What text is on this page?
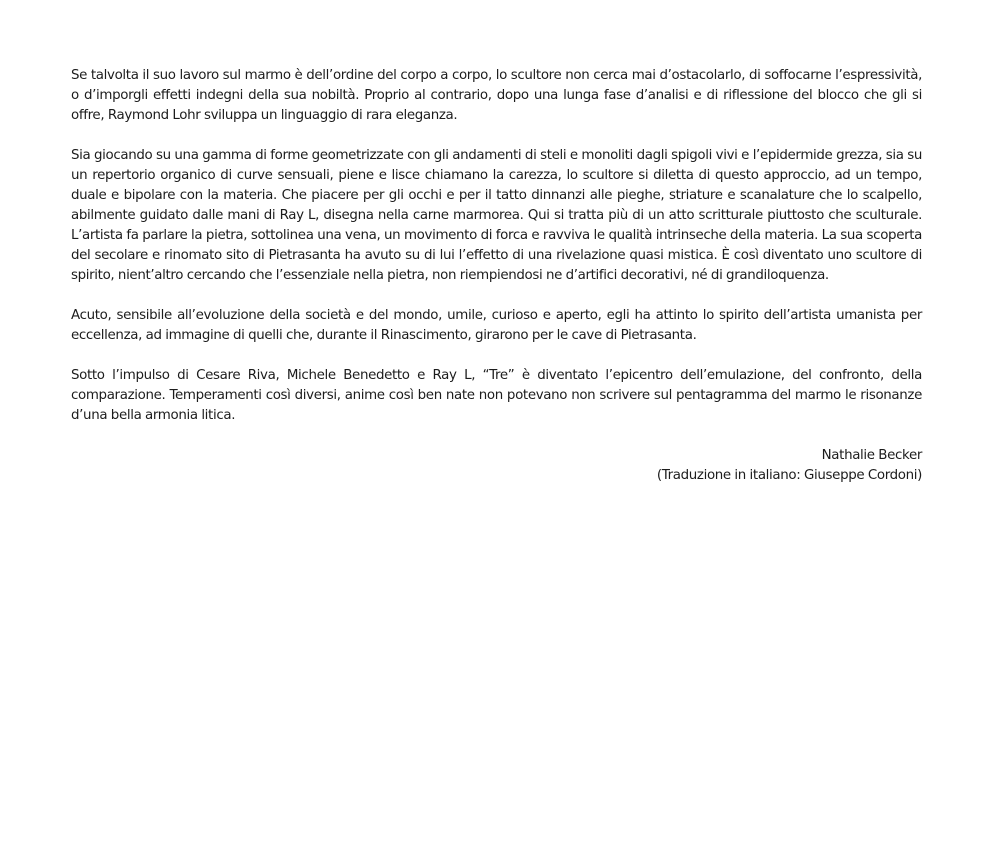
Se talvolta il suo lavoro sul marmo è dell’ordine del corpo a corpo, lo scultore non cerca mai d’ostacolarlo, di soffocarne l’espressività, o d’imporgli effetti indegni della sua nobiltà. Proprio al contrario, dopo una lunga fase d’analisi e di riflessione del blocco che gli si offre, Raymond Lohr sviluppa un linguaggio di rara eleganza.

Sia giocando su una gamma di forme geometrizzate con gli andamenti di steli e monoliti dagli spigoli vivi e l’epidermide grezza, sia su un repertorio organico di curve sensuali, piene e lisce chiamano la carezza, lo scultore si diletta di questo approccio, ad un tempo, duale e bipolare con la materia. Che piacere per gli occhi e per il tatto dinnanzi alle pieghe, striature e scanalature che lo scalpello, abilmente guidato dalle mani di Ray L, disegna nella carne marmorea. Qui si tratta più di un atto scritturale piuttosto che sculturale. L’artista fa parlare la pietra, sottolinea una vena, un movimento di forca e ravviva le qualità intrinseche della materia. La sua scoperta del secolare e rinomato sito di Pietrasanta ha avuto su di lui l’effetto di una rivelazione quasi mistica. È così diventato uno scultore di spirito, nient’altro cercando che l’essenziale nella pietra, non riempiendosi ne d’artifici decorativi, né di grandiloquenza.

Acuto, sensibile all’evoluzione della società e del mondo, umile, curioso e aperto, egli ha attinto lo spirito dell’artista umanista per eccellenza, ad immagine di quelli che, durante il Rinascimento, girarono per le cave di Pietrasanta.

Sotto l’impulso di Cesare Riva, Michele Benedetto e Ray L, “Tre” è diventato l’epicentro dell’emulazione, del confronto, della comparazione. Temperamenti così diversi, anime così ben nate non potevano non scrivere sul pentagramma del marmo le risonanze d’una bella armonia litica.

Nathalie Becker
(Traduzione in italiano: Giuseppe Cordoni)
